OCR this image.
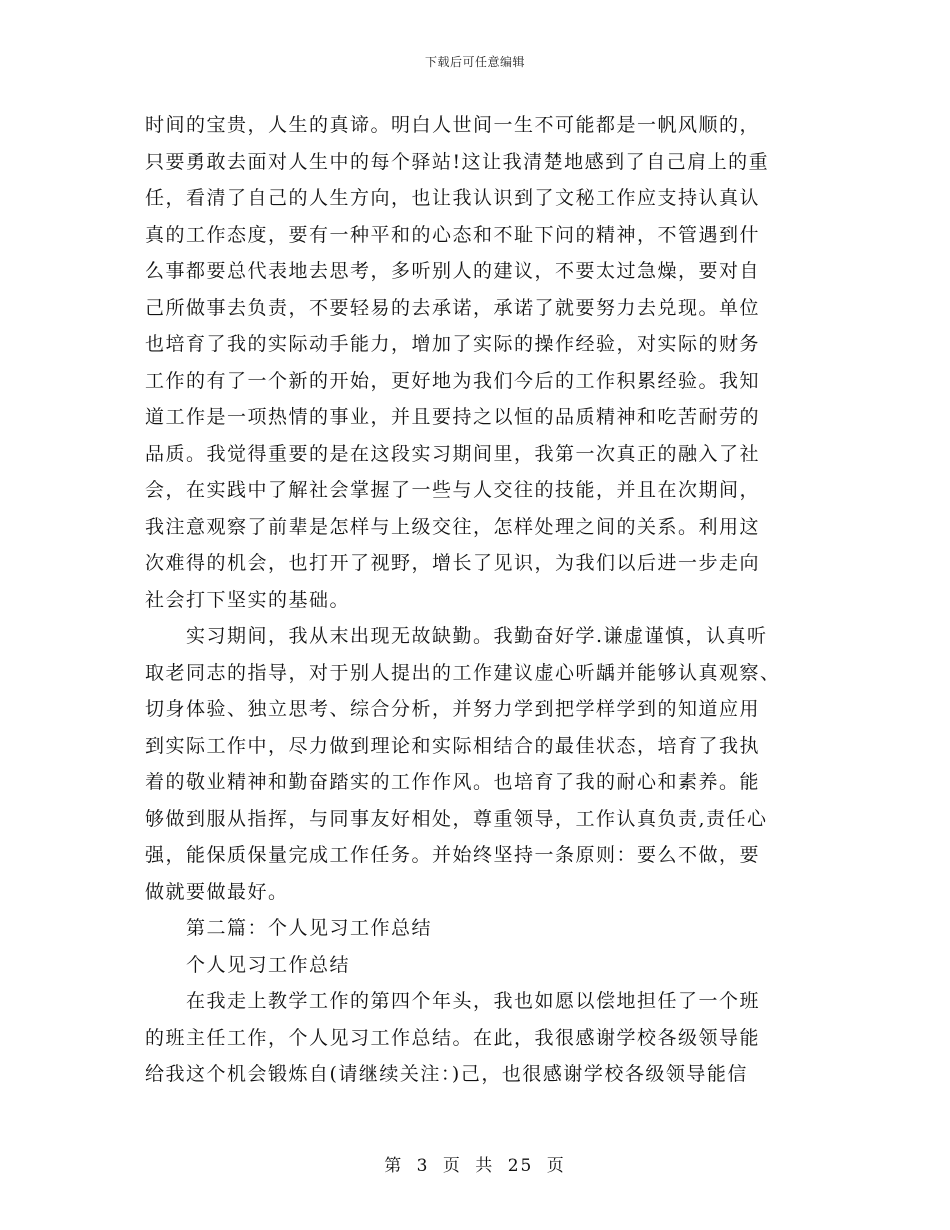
下载后可任意编辑
时间的宝贵，人生的真谛。明白人世间一生不可能都是一帆风顺的，
只要勇敢去面对人生中的每个驿站!这让我清楚地感到了自己肩上的重
任，看清了自己的人生方向，也让我认识到了文秘工作应支持认真认
真的工作态度，要有一种平和的心态和不耻下问的精神，不管遇到什
么事都要总代表地去思考，多听别人的建议，不要太过急燥，要对自
己所做事去负责，不要轻易的去承诺，承诺了就要努力去兑现。单位
也培育了我的实际动手能力，增加了实际的操作经验，对实际的财务
工作的有了一个新的开始，更好地为我们今后的工作积累经验。我知
道工作是一项热情的事业，并且要持之以恒的品质精神和吃苦耐劳的
品质。我觉得重要的是在这段实习期间里，我第一次真正的融入了社
会，在实践中了解社会掌握了一些与人交往的技能，并且在次期间，
我注意观察了前辈是怎样与上级交往，怎样处理之间的关系。利用这
次难得的机会，也打开了视野，增长了见识，为我们以后进一步走向
社会打下坚实的基础。
　　实习期间，我从末出现无故缺勤。我勤奋好学.谦虚谨慎，认真听
取老同志的指导，对于别人提出的工作建议虚心听龋并能够认真观察、
切身体验、独立思考、综合分析，并努力学到把学样学到的知道应用
到实际工作中，尽力做到理论和实际相结合的最佳状态，培育了我执
着的敬业精神和勤奋踏实的工作作风。也培育了我的耐心和素养。能
够做到服从指挥，与同事友好相处，尊重领导，工作认真负责,责任心
强，能保质保量完成工作任务。并始终坚持一条原则：要么不做，要
做就要做最好。
　　第二篇：个人见习工作总结
　　个人见习工作总结
　　在我走上教学工作的第四个年头，我也如愿以偿地担任了一个班
的班主任工作，个人见习工作总结。在此，我很感谢学校各级领导能
给我这个机会锻炼自(请继续关注：)己，也很感谢学校各级领导能信
第 3 页 共 25 页
